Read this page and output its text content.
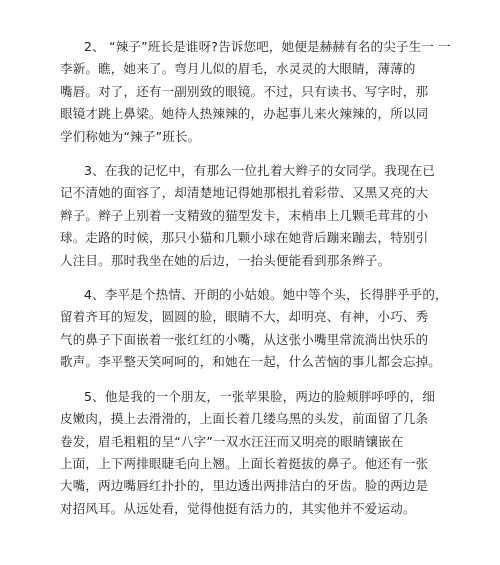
2、 “辣子”班长是谁呀?告诉您吧，她便是赫赫有名的尖子生一 一
李新。瞧，她来了。弯月儿似的眉毛，水灵灵的大眼睛，薄薄的
嘴唇。对了，还有一副别致的眼镜。不过，只有读书、写字时，那
眼镜才跳上鼻梁。她待人热辣辣的，办起事儿来火辣辣的，所以同
学们称她为“辣子”班长。

3、在我的记忆中，有那么一位扎着大辫子的女同学。我现在已
记不清她的面容了，却清楚地记得她那根扎着彩带、又黑又亮的大
辫子。辫子上别着一支精致的猫型发卡，末梢串上几颗毛茸茸的小
球。走路的时候，那只小猫和几颗小球在她背后蹦来蹦去，特别引
人注目。那时我坐在她的后边，一抬头便能看到那条辫子。

4、李平是个热情、开朗的小姑娘。她中等个头，长得胖乎乎的，
留着齐耳的短发，圆圆的脸，眼睛不大，却明亮、有神，小巧、秀
气的鼻子下面嵌着一张红红的小嘴，从这张小嘴里常流淌出快乐的
歌声。李平整天笑呵呵的，和她在一起，什么苦恼的事儿都会忘掉。

5、他是我的一个朋友，一张苹果脸，两边的脸颊胖呼呼的，细
皮嫩肉，摸上去滑滑的，上面长着几缕乌黑的头发，前面留了几条
卷发，眉毛粗粗的呈“八字”一双水汪汪而又明亮的眼睛镶嵌在
上面，上下两排眼睫毛向上翘。上面长着挺拔的鼻子。他还有一张
大嘴，两边嘴唇红扑扑的，里边透出两排洁白的牙齿。脸的两边是
对招风耳。从远处看，觉得他挺有活力的，其实他并不爱运动。
